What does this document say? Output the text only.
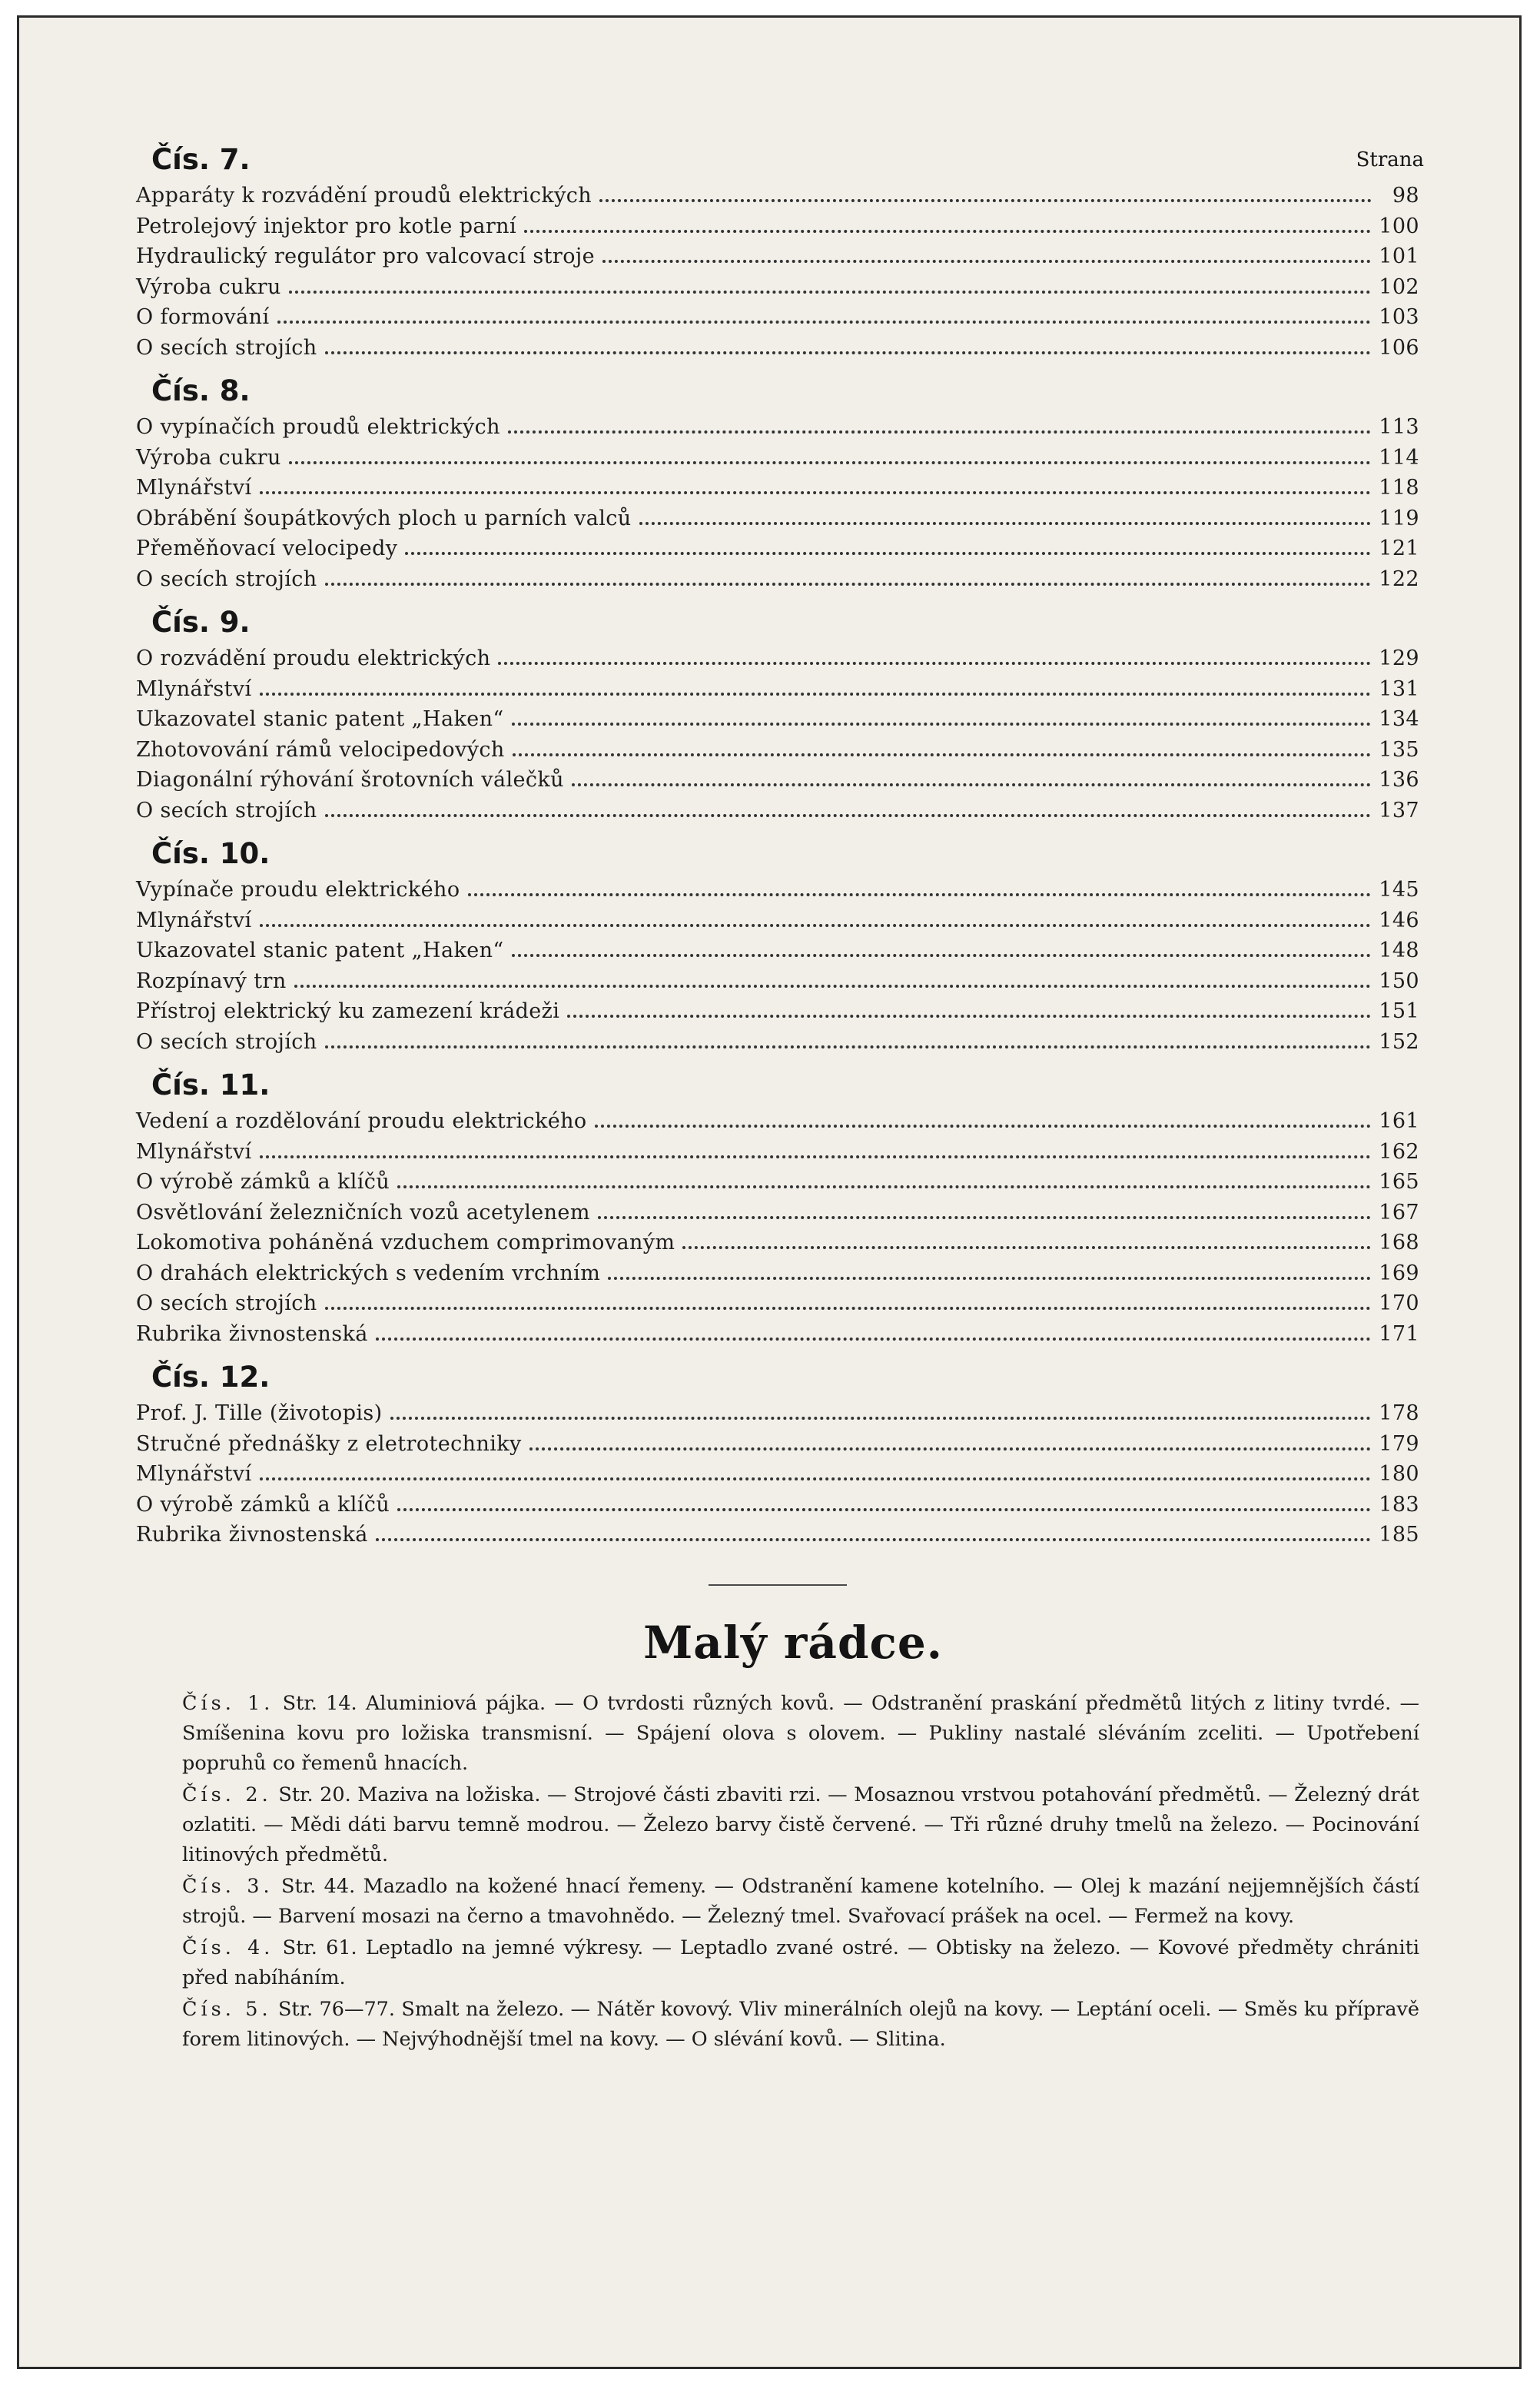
Čís. 7.	Strana
Apparáty k rozvádění proudů elektrických	98
Petrolejový injektor pro kotle parní	100
Hydraulický regulátor pro valcovací stroje	101
Výroba cukru	102
O formování	103
O secích strojích	106
Čís. 8.
O vypínačích proudů elektrických	113
Výroba cukru	114
Mlynářství	118
Obrábění šoupátkových ploch u parních valců	119
Přeměňovací velocipedy	121
O secích strojích	122
Čís. 9.
O rozvádění proudu elektrických	129
Mlynářství	131
Ukazovatel stanic patent „Haken“	134
Zhotovování rámů velocipedových	135
Diagonální rýhování šrotovních válečků	136
O secích strojích	137
Čís. 10.
Vypínače proudu elektrického	145
Mlynářství	146
Ukazovatel stanic patent „Haken“	148
Rozpínavý trn	150
Přístroj elektrický ku zamezení krádeži	151
O secích strojích	152
Čís. 11.
Vedení a rozdělování proudu elektrického	161
Mlynářství	162
O výrobě zámků a klíčů	165
Osvětlování železničních vozů acetylenem	167
Lokomotiva poháněná vzduchem comprimovaným	168
O drahách elektrických s vedením vrchním	169
O secích strojích	170
Rubrika živnostenská	171
Čís. 12.
Prof. J. Tille (životopis)	178
Stručné přednášky z eletrotechniky	179
Mlynářství	180
O výrobě zámků a klíčů	183
Rubrika živnostenská	185
Malý rádce.

Čís. 1. Str. 14. Aluminiová pájka. — O tvrdosti různých kovů. — Odstranění praskání předmětů litých z litiny tvrdé. — Smíšenina kovu pro ložiska transmisní. — Spájení olova s olovem. — Pukliny nastalé sléváním zceliti. — Upotřebení popruhů co řemenů hnacích.

Čís. 2. Str. 20. Maziva na ložiska. — Strojové části zbaviti rzi. — Mosaznou vrstvou potahování předmětů. — Železný drát ozlatiti. — Mědi dáti barvu temně modrou. — Železo barvy čistě červené. — Tři různé druhy tmelů na železo. — Pocinování litinových předmětů.

Čís. 3. Str. 44. Mazadlo na kožené hnací řemeny. — Odstranění kamene kotelního. — Olej k mazání nejjemnějších částí strojů. — Barvení mosazi na černo a tmavohnědo. — Železný tmel. Svařovací prášek na ocel. — Fermež na kovy.

Čís. 4. Str. 61. Leptadlo na jemné výkresy. — Leptadlo zvané ostré. — Obtisky na železo. — Kovové předměty chrániti před nabíháním.

Čís. 5. Str. 76—77. Smalt na železo. — Nátěr kovový. Vliv minerálních olejů na kovy. — Leptání oceli. — Směs ku přípravě forem litinových. — Nejvýhodnější tmel na kovy. — O slévání kovů. — Slitina.
